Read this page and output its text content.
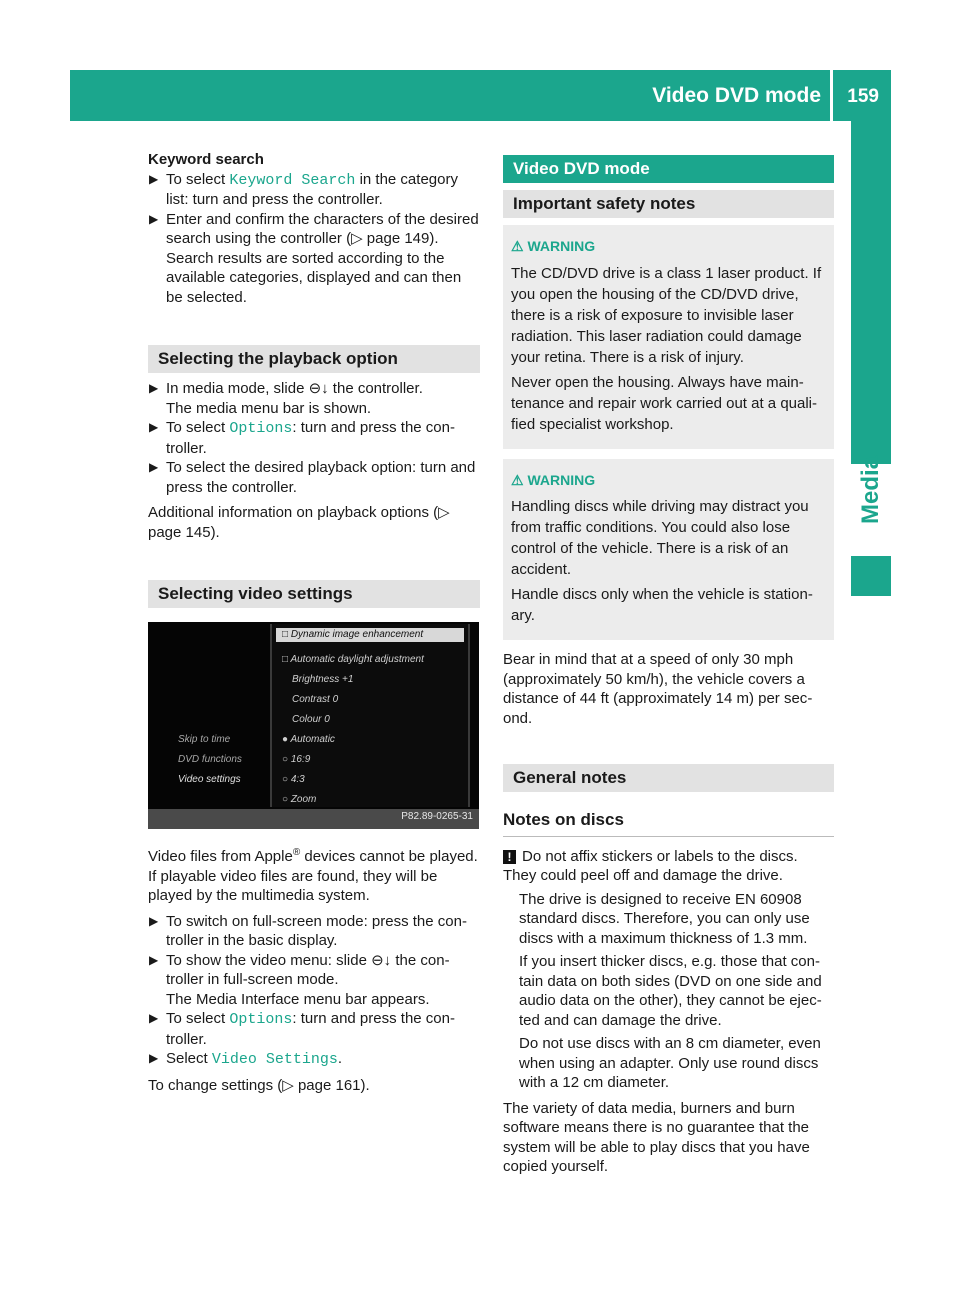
Video DVD mode 159
Media

Keyword search

▶ To select Keyword Search in the category list: turn and press the controller.

▶ Enter and confirm the characters of the desired search using the controller (▷ page 149).

Search results are sorted according to the available categories, displayed and can then be selected.

Selecting the playback option

▶ In media mode, slide ⊖↓ the controller.

The media menu bar is shown.

▶ To select Options: turn and press the controller.

▶ To select the desired playback option: turn and press the controller.

Additional information on playback options (▷ page 145).

Selecting video settings
Skip to time
DVD functions
Video settings
□ Dynamic image enhancement
□ Automatic daylight adjustment
Brightness +1
Contrast 0
Colour 0
● Automatic
○ 16:9
○ 4:3
○ Zoom
P82.89-0265-31

Video files from Apple® devices cannot be played.

If playable video files are found, they will be played by the multimedia system.

▶ To switch on full-screen mode: press the controller in the basic display.

▶ To show the video menu: slide ⊖↓ the controller in full-screen mode.

The Media Interface menu bar appears.

▶ To select Options: turn and press the controller.

▶ Select Video Settings.

To change settings (▷ page 161).

Video DVD mode
Important safety notes
⚠ WARNING

The CD/DVD drive is a class 1 laser product. If you open the housing of the CD/DVD drive, there is a risk of exposure to invisible laser radiation. This laser radiation could damage your retina. There is a risk of injury.

Never open the housing. Always have maintenance and repair work carried out at a qualified specialist workshop.

⚠ WARNING

Handling discs while driving may distract you from traffic conditions. You could also lose control of the vehicle. There is a risk of an accident.

Handle discs only when the vehicle is stationary.

Bear in mind that at a speed of only 30 mph (approximately 50 km/h), the vehicle covers a distance of 44 ft (approximately 14 m) per second.

General notes
Notes on discs

! Do not affix stickers or labels to the discs. They could peel off and damage the drive.

The drive is designed to receive EN 60908 standard discs. Therefore, you can only use discs with a maximum thickness of 1.3 mm.

If you insert thicker discs, e.g. those that contain data on both sides (DVD on one side and audio data on the other), they cannot be ejected and can damage the drive.

Do not use discs with an 8 cm diameter, even when using an adapter. Only use round discs with a 12 cm diameter.

The variety of data media, burners and burn software means there is no guarantee that the system will be able to play discs that you have copied yourself.
